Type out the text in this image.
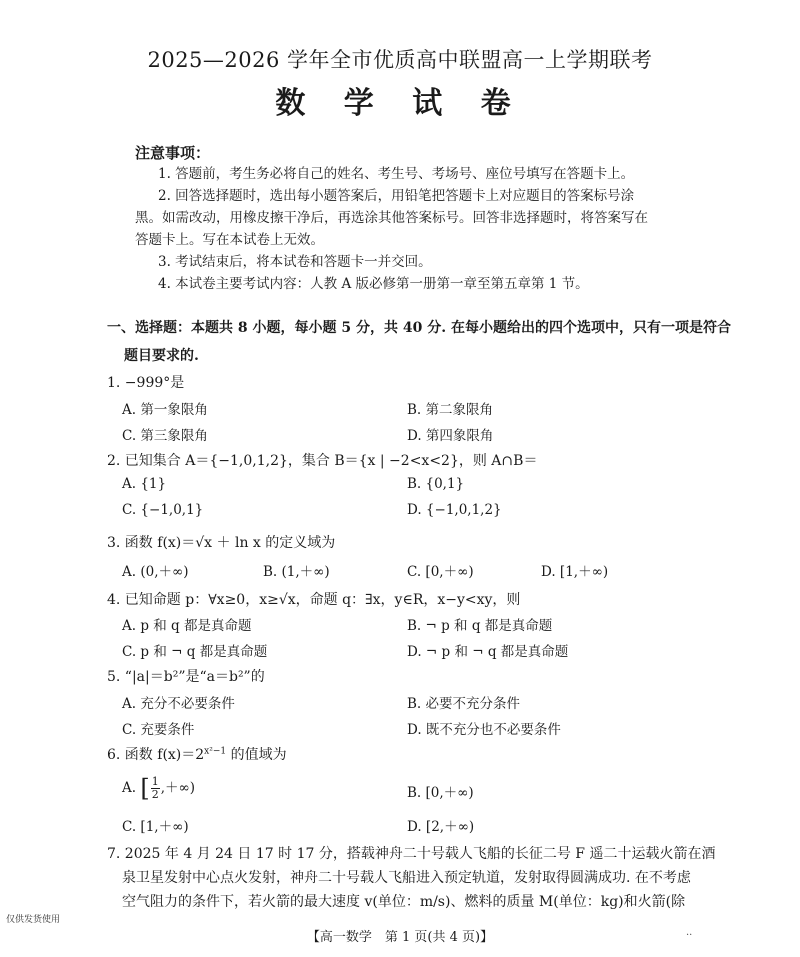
2025—2026 学年全市优质高中联盟高一上学期联考
数 学 试 卷
注意事项：
1. 答题前，考生务必将自己的姓名、考生号、考场号、座位号填写在答题卡上。
2. 回答选择题时，选出每小题答案后，用铅笔把答题卡上对应题目的答案标号涂
黑。如需改动，用橡皮擦干净后，再选涂其他答案标号。回答非选择题时，将答案写在
答题卡上。写在本试卷上无效。
3. 考试结束后，将本试卷和答题卡一并交回。
4. 本试卷主要考试内容：人教 A 版必修第一册第一章至第五章第 1 节。
一、选择题：本题共 8 小题，每小题 5 分，共 40 分. 在每小题给出的四个选项中，只有一项是符合
题目要求的.
1. −999°是
A. 第一象限角	B. 第二象限角
C. 第三象限角	D. 第四象限角
2. 已知集合 A＝{−1,0,1,2}，集合 B＝{x | −2<x<2}，则 A∩B＝
A. {1}	B. {0,1}
C. {−1,0,1}	D. {−1,0,1,2}
3. 函数 f(x)＝√x ＋ ln x 的定义域为
A. (0,＋∞)	B. (1,＋∞)	C. [0,＋∞)	D. [1,＋∞)
4. 已知命题 p：∀x≥0，x≥√x，命题 q：∃x，y∈R，x−y<xy，则
A. p 和 q 都是真命题	B. ¬ p 和 q 都是真命题
C. p 和 ¬ q 都是真命题	D. ¬ p 和 ¬ q 都是真命题
5. “|a|＝b²”是“a＝b²”的
A. 充分不必要条件	B. 必要不充分条件
C. 充要条件	D. 既不充分也不必要条件
6. 函数 $f(x)=2^{x^2-1}$ 的值域为
A. [ $\frac{1}{2}$ ,＋∞)	B. [0,＋∞)
C. [1,＋∞)	D. [2,＋∞)
7. 2025 年 4 月 24 日 17 时 17 分，搭载神舟二十号载人飞船的长征二号 F 遥二十运载火箭在酒
泉卫星发射中心点火发射，神舟二十号载人飞船进入预定轨道，发射取得圆满成功. 在不考虑
空气阻力的条件下，若火箭的最大速度 v(单位：m/s)、燃料的质量 M(单位：kg)和火箭(除
仅供发货使用
【高一数学　第 1 页(共 4 页)】	··
